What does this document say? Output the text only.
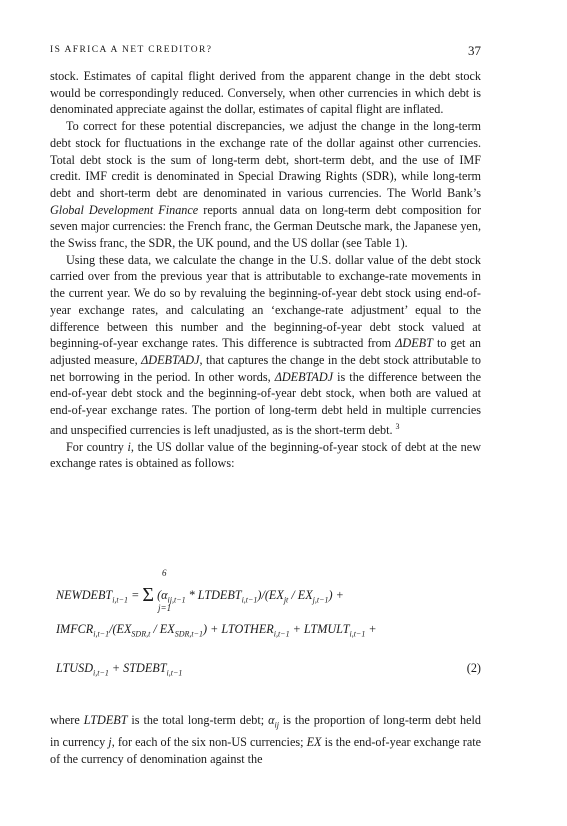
IS AFRICA A NET CREDITOR?	37

stock. Estimates of capital flight derived from the apparent change in the debt stock would be correspondingly reduced. Conversely, when other currencies in which debt is denominated appreciate against the dollar, estimates of capital flight are inflated.

To correct for these potential discrepancies, we adjust the change in the long-term debt stock for fluctuations in the exchange rate of the dollar against other currencies. Total debt stock is the sum of long-term debt, short-term debt, and the use of IMF credit. IMF credit is denominated in Special Drawing Rights (SDR), while long-term debt and short-term debt are denominated in various currencies. The World Bank’s Global Development Finance reports annual data on long-term debt composition for seven major currencies: the French franc, the German Deutsche mark, the Japanese yen, the Swiss franc, the SDR, the UK pound, and the US dollar (see Table 1).

Using these data, we calculate the change in the U.S. dollar value of the debt stock carried over from the previous year that is attributable to exchange-rate movements in the current year. We do so by revaluing the beginning-of-year debt stock using end-of-year exchange rates, and calculating an ‘exchange-rate adjustment’ equal to the difference between this number and the beginning-of-year debt stock valued at beginning-of-year exchange rates. This difference is subtracted from ΔDEBT to get an adjusted measure, ΔDEBTADJ, that captures the change in the debt stock attributable to net borrowing in the period. In other words, ΔDEBTADJ is the difference between the end-of-year debt stock and the beginning-of-year debt stock, when both are valued at end-of-year exchange rates. The portion of long-term debt held in multiple currencies and unspecified currencies is left unadjusted, as is the short-term debt. $^3$

For country i, the US dollar value of the beginning-of-year stock of debt at the new exchange rates is obtained as follows:

6
$NEWDEBT_{i,t-1} = \Sigma$ ($\alpha_{ij,t-1}$ * $LTDEBT_{i,t-1})/(EX_{jt} / EX_{j,t-1})$ +
j=1
$IMFCR_{i,t-1}/(EX_{SDR,t} / EX_{SDR,t-1})$ + $LTOTHER_{i,t-1}$ + $LTMULT_{i,t-1}$ +
$LTUSD_{i,t-1}$ + $STDEBT_{i,t-1}$	(2)

where LTDEBT is the total long-term debt; $\alpha_{ij}$ is the proportion of long-term debt held in currency j, for each of the six non-US currencies; EX is the end-of-year exchange rate of the currency of denomination against the
